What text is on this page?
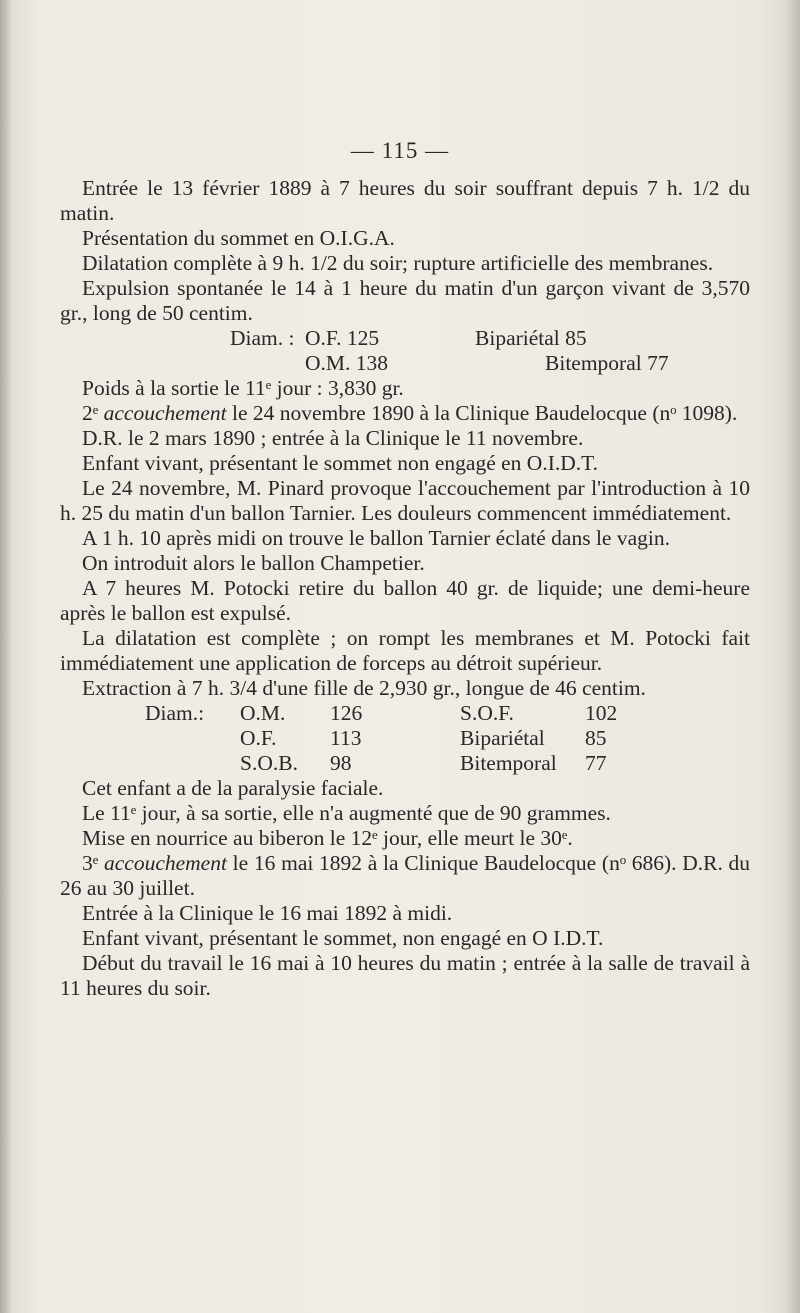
— 115 —

Entrée le 13 février 1889 à 7 heures du soir souffrant depuis 7 h. 1/2 du matin.

Présentation du sommet en O.I.G.A.

Dilatation complète à 9 h. 1/2 du soir; rupture artificielle des membranes.

Expulsion spontanée le 14 à 1 heure du matin d'un garçon vivant de 3,570 gr., long de 50 centim.

Diam. : O.F. 125	Bipariétal 85
O.M. 138	Bitemporal 77

Poids à la sortie le 11ᵉ jour : 3,830 gr.

2ᵉ accouchement le 24 novembre 1890 à la Clinique Baudelocque (nᵒ 1098).

D.R. le 2 mars 1890 ; entrée à la Clinique le 11 novembre.

Enfant vivant, présentant le sommet non engagé en O.I.D.T.

Le 24 novembre, M. Pinard provoque l'accouchement par l'introduction à 10 h. 25 du matin d'un ballon Tarnier. Les douleurs commencent immédiatement.

A 1 h. 10 après midi on trouve le ballon Tarnier éclaté dans le vagin.

On introduit alors le ballon Champetier.

A 7 heures M. Potocki retire du ballon 40 gr. de liquide; une demi-heure après le ballon est expulsé.

La dilatation est complète ; on rompt les membranes et M. Potocki fait immédiatement une application de forceps au détroit supérieur.

Extraction à 7 h. 3/4 d'une fille de 2,930 gr., longue de 46 centim.

Diam.:	O.M.	126	S.O.F.	102
O.F.	113	Bipariétal	85
S.O.B.	98	Bitemporal	77

Cet enfant a de la paralysie faciale.

Le 11ᵉ jour, à sa sortie, elle n'a augmenté que de 90 grammes.

Mise en nourrice au biberon le 12ᵉ jour, elle meurt le 30ᵉ.

3ᵉ accouchement le 16 mai 1892 à la Clinique Baudelocque (nᵒ 686). D.R. du 26 au 30 juillet.

Entrée à la Clinique le 16 mai 1892 à midi.

Enfant vivant, présentant le sommet, non engagé en O I.D.T.

Début du travail le 16 mai à 10 heures du matin ; entrée à la salle de travail à 11 heures du soir.
